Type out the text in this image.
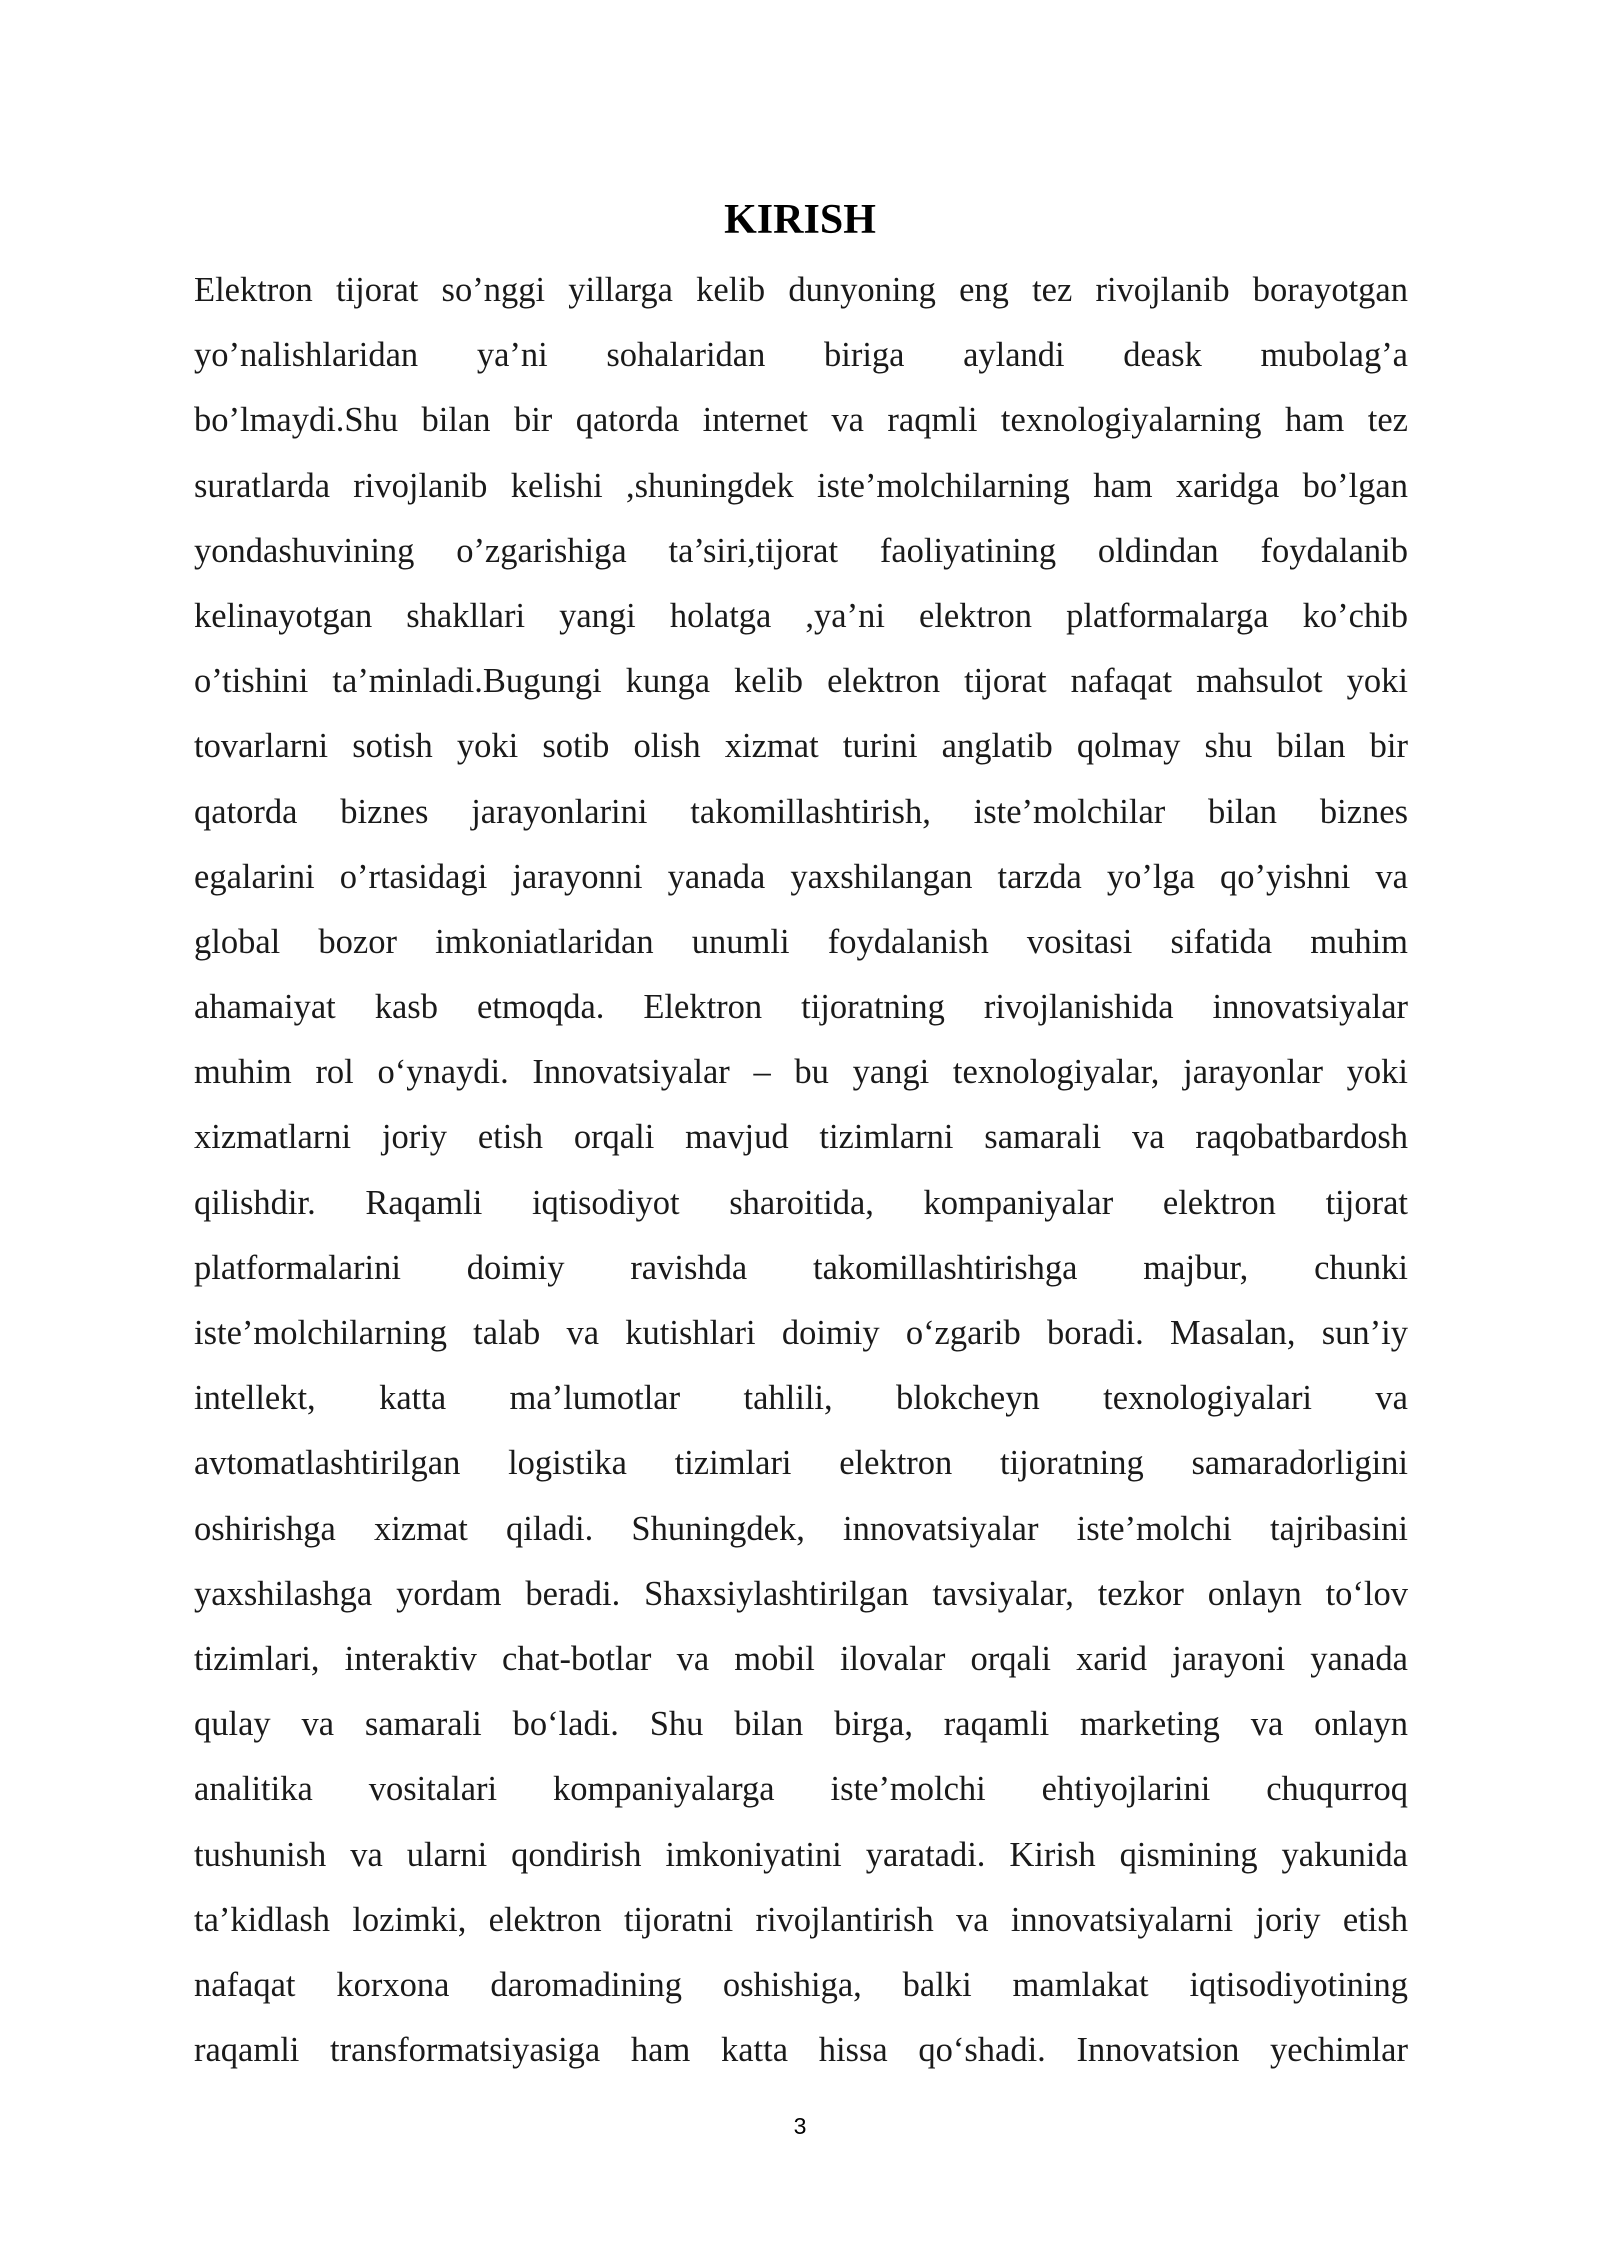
KIRISH
Elektron tijorat so’nggi yillarga kelib dunyoning eng tez rivojlanib borayotgan
yo’nalishlaridan ya’ni sohalaridan biriga aylandi deask mubolag’a
bo’lmaydi.Shu bilan bir qatorda internet va raqmli texnologiyalarning ham tez
suratlarda rivojlanib kelishi ,shuningdek iste’molchilarning ham xaridga bo’lgan
yondashuvining o’zgarishiga ta’siri,tijorat faoliyatining oldindan foydalanib
kelinayotgan shakllari yangi holatga ,ya’ni elektron platformalarga ko’chib
o’tishini ta’minladi.Bugungi kunga kelib elektron tijorat nafaqat mahsulot yoki
tovarlarni sotish yoki sotib olish xizmat turini anglatib qolmay shu bilan bir
qatorda biznes jarayonlarini takomillashtirish, iste’molchilar bilan biznes
egalarini o’rtasidagi jarayonni yanada yaxshilangan tarzda yo’lga qo’yishni va
global bozor imkoniatlaridan unumli foydalanish vositasi sifatida muhim
ahamaiyat kasb etmoqda. Elektron tijoratning rivojlanishida innovatsiyalar
muhim rol o‘ynaydi. Innovatsiyalar – bu yangi texnologiyalar, jarayonlar yoki
xizmatlarni joriy etish orqali mavjud tizimlarni samarali va raqobatbardosh
qilishdir. Raqamli iqtisodiyot sharoitida, kompaniyalar elektron tijorat
platformalarini doimiy ravishda takomillashtirishga majbur, chunki
iste’molchilarning talab va kutishlari doimiy o‘zgarib boradi. Masalan, sun’iy
intellekt, katta ma’lumotlar tahlili, blokcheyn texnologiyalari va
avtomatlashtirilgan logistika tizimlari elektron tijoratning samaradorligini
oshirishga xizmat qiladi. Shuningdek, innovatsiyalar iste’molchi tajribasini
yaxshilashga yordam beradi. Shaxsiylashtirilgan tavsiyalar, tezkor onlayn to‘lov
tizimlari, interaktiv chat-botlar va mobil ilovalar orqali xarid jarayoni yanada
qulay va samarali bo‘ladi. Shu bilan birga, raqamli marketing va onlayn
analitika vositalari kompaniyalarga iste’molchi ehtiyojlarini chuqurroq
tushunish va ularni qondirish imkoniyatini yaratadi. Kirish qismining yakunida
ta’kidlash lozimki, elektron tijoratni rivojlantirish va innovatsiyalarni joriy etish
nafaqat korxona daromadining oshishiga, balki mamlakat iqtisodiyotining
raqamli transformatsiyasiga ham katta hissa qo‘shadi. Innovatsion yechimlar
3
